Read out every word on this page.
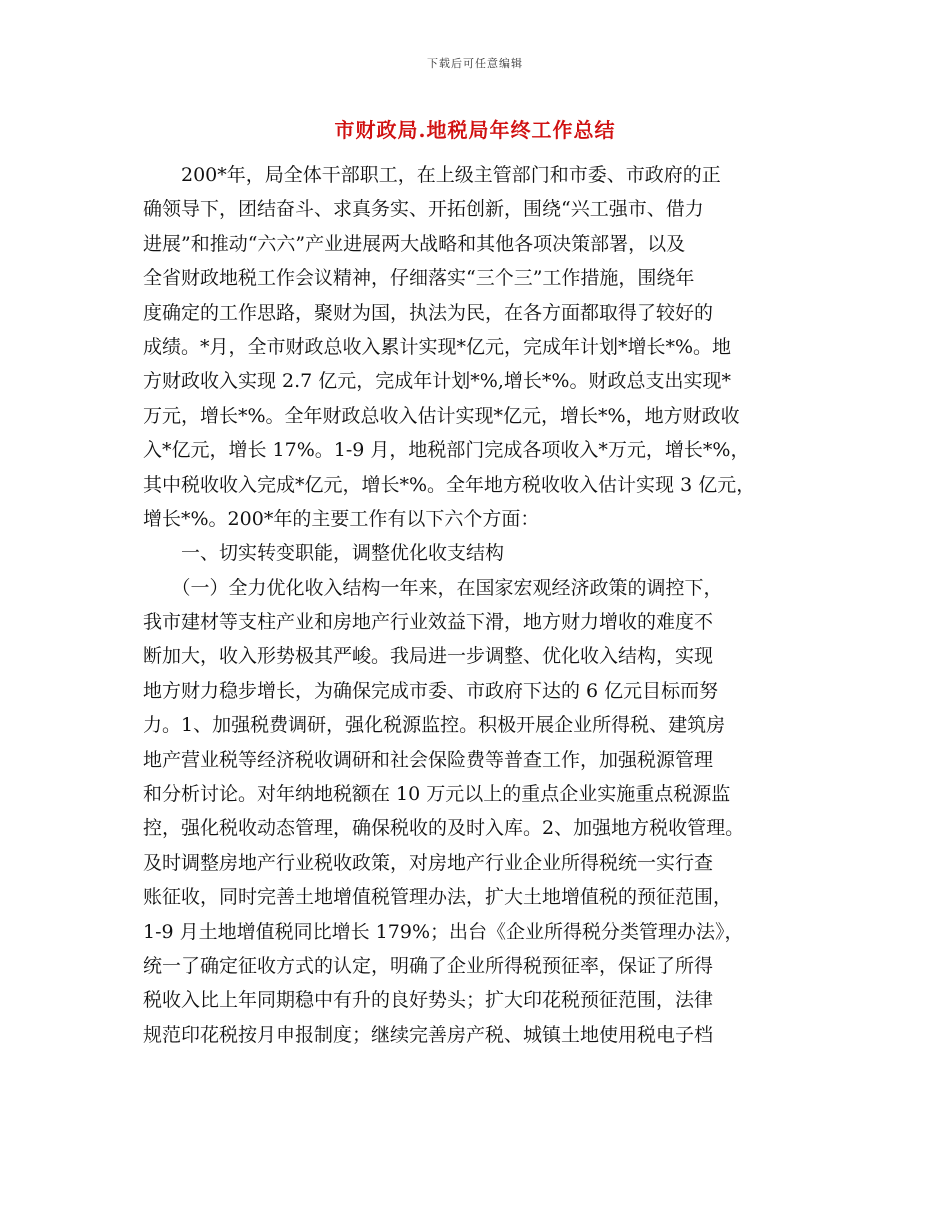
下载后可任意编辑
市财政局.地税局年终工作总结
　　200*年，局全体干部职工，在上级主管部门和市委、市政府的正
确领导下，团结奋斗、求真务实、开拓创新，围绕“兴工强市、借力
进展”和推动“六六”产业进展两大战略和其他各项决策部署，以及
全省财政地税工作会议精神，仔细落实“三个三”工作措施，围绕年
度确定的工作思路，聚财为国，执法为民，在各方面都取得了较好的
成绩。*月，全市财政总收入累计实现*亿元，完成年计划*增长*%。地
方财政收入实现 2.7 亿元，完成年计划*%,增长*%。财政总支出实现*
万元，增长*%。全年财政总收入估计实现*亿元，增长*%，地方财政收
入*亿元，增长 17%。1-9 月，地税部门完成各项收入*万元，增长*%，
其中税收收入完成*亿元，增长*%。全年地方税收收入估计实现 3 亿元，
增长*%。200*年的主要工作有以下六个方面：
　　一、切实转变职能，调整优化收支结构
　　（一）全力优化收入结构一年来，在国家宏观经济政策的调控下，
我市建材等支柱产业和房地产行业效益下滑，地方财力增收的难度不
断加大，收入形势极其严峻。我局进一步调整、优化收入结构，实现
地方财力稳步增长，为确保完成市委、市政府下达的 6 亿元目标而努
力。1、加强税费调研，强化税源监控。积极开展企业所得税、建筑房
地产营业税等经济税收调研和社会保险费等普查工作，加强税源管理
和分析讨论。对年纳地税额在 10 万元以上的重点企业实施重点税源监
控，强化税收动态管理，确保税收的及时入库。2、加强地方税收管理。
及时调整房地产行业税收政策，对房地产行业企业所得税统一实行查
账征收，同时完善土地增值税管理办法，扩大土地增值税的预征范围，
1-9 月土地增值税同比增长 179%；出台《企业所得税分类管理办法》，
统一了确定征收方式的认定，明确了企业所得税预征率，保证了所得
税收入比上年同期稳中有升的良好势头；扩大印花税预征范围，法律
规范印花税按月申报制度；继续完善房产税、城镇土地使用税电子档
